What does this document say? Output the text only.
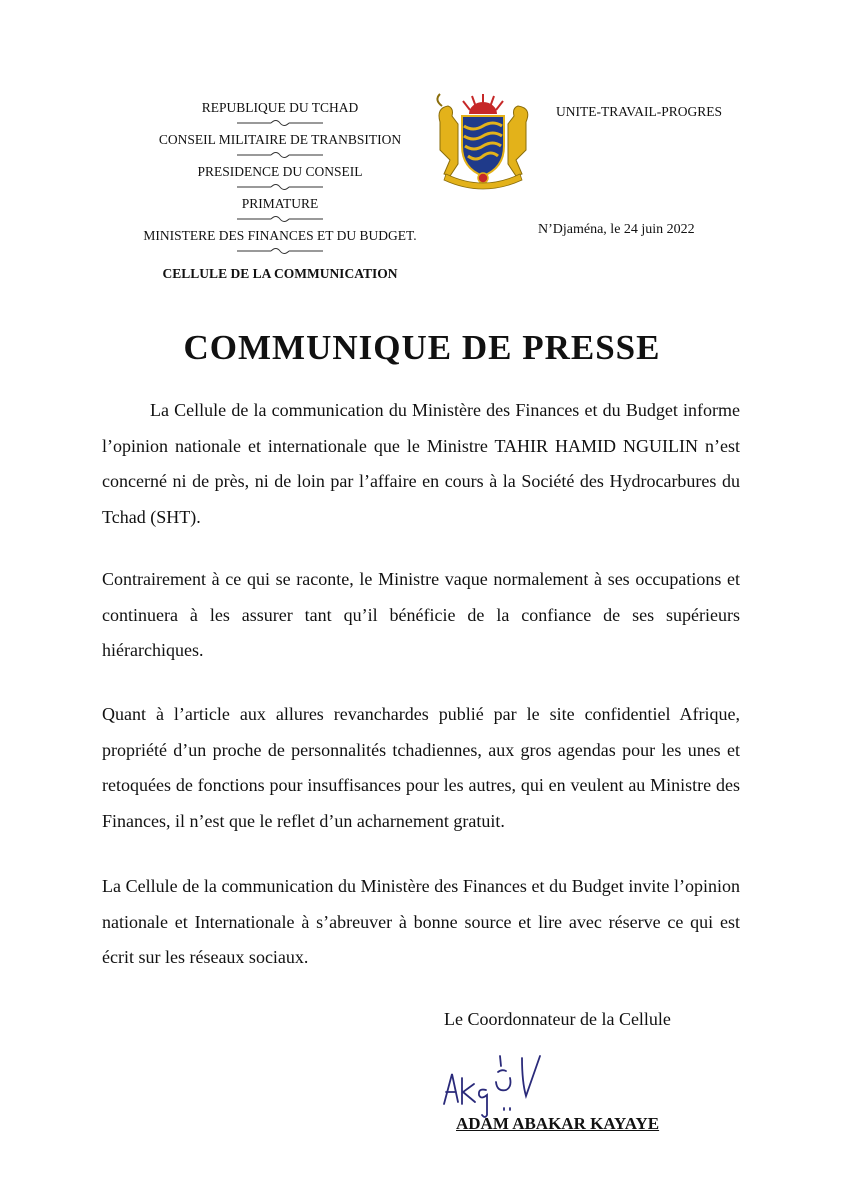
REPUBLIQUE DU TCHAD
CONSEIL MILITAIRE DE TRANBSITION
PRESIDENCE DU CONSEIL
PRIMATURE
MINISTERE DES FINANCES ET DU BUDGET.
CELLULE DE LA COMMUNICATION
UNITE-TRAVAIL-PROGRES
N’Djaména, le 24 juin 2022
COMMUNIQUE DE PRESSE

La Cellule de la communication du Ministère des Finances et du Budget informe l’opinion nationale et internationale que le Ministre TAHIR HAMID NGUILIN n’est concerné ni de près, ni de loin par l’affaire en cours à la Société des Hydrocarbures du Tchad (SHT).

Contrairement à ce qui se raconte, le Ministre vaque normalement à ses occupations et continuera à les assurer tant qu’il bénéficie de la confiance de ses supérieurs hiérarchiques.

Quant à l’article aux allures revanchardes publié par le site confidentiel Afrique, propriété d’un proche de personnalités tchadiennes, aux gros agendas pour les unes et retoquées de fonctions pour insuffisances pour les autres, qui en veulent au Ministre des Finances, il n’est que le reflet d’un acharnement gratuit.

La Cellule de la communication du Ministère des Finances et du Budget invite l’opinion nationale et Internationale à s’abreuver à bonne source et lire avec réserve ce qui est écrit sur les réseaux sociaux.

Le Coordonnateur de la Cellule
ADAM ABAKAR KAYAYE
